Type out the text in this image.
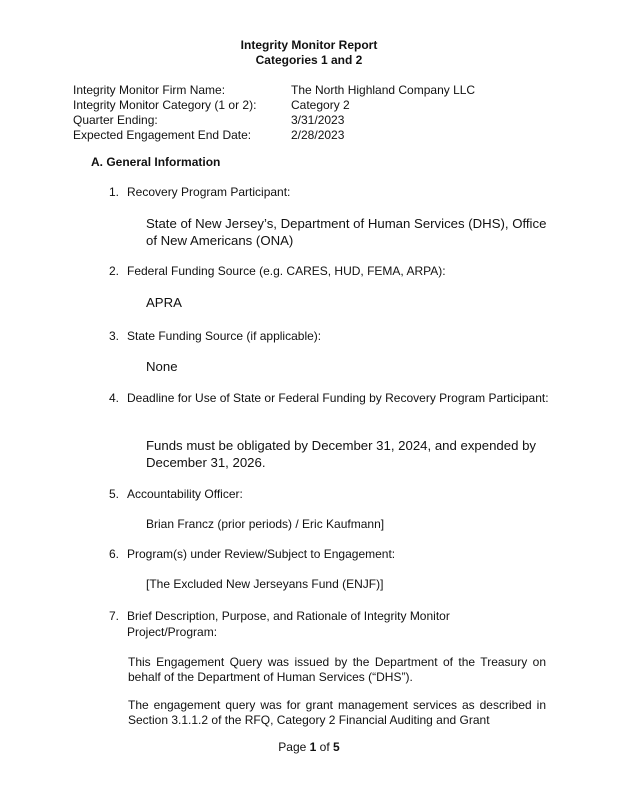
Integrity Monitor Report
Categories 1 and 2
Integrity Monitor Firm Name:	The North Highland Company LLC
Integrity Monitor Category (1 or 2):	Category 2
Quarter Ending:	3/31/2023
Expected Engagement End Date:	2/28/2023
A. General Information
1. Recovery Program Participant:
State of New Jersey’s, Department of Human Services (DHS), Office of New Americans (ONA)
2. Federal Funding Source (e.g. CARES, HUD, FEMA, ARPA):
APRA
3. State Funding Source (if applicable):
None
4. Deadline for Use of State or Federal Funding by Recovery Program Participant:
Funds must be obligated by December 31, 2024, and expended by December 31, 2026.
5. Accountability Officer:
Brian Francz (prior periods) / Eric Kaufmann]
6. Program(s) under Review/Subject to Engagement:
[The Excluded New Jerseyans Fund (ENJF)]
7. Brief Description, Purpose, and Rationale of Integrity Monitor Project/Program:
This Engagement Query was issued by the Department of the Treasury on behalf of the Department of Human Services (“DHS”).
The engagement query was for grant management services as described in Section 3.1.1.2 of the RFQ, Category 2 Financial Auditing and Grant
Page 1 of 5
